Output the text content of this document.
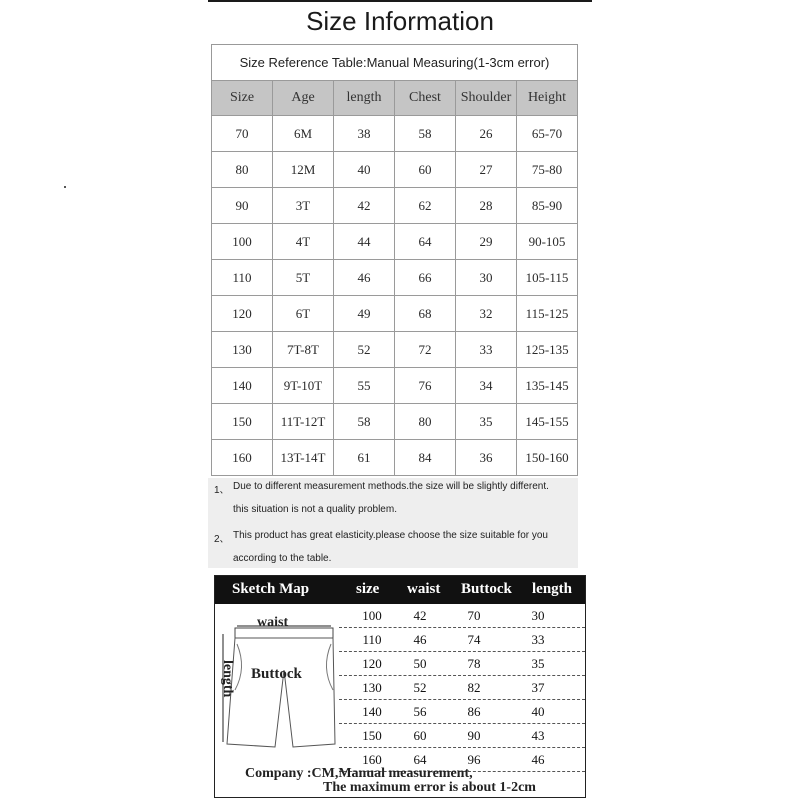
Size Information
Size Reference Table:Manual Measuring(1-3cm error)
Size	Age	length	Chest	Shoulder	Height
70	6M	38	58	26	65-70
80	12M	40	60	27	75-80
90	3T	42	62	28	85-90
100	4T	44	64	29	90-105
110	5T	46	66	30	105-115
120	6T	49	68	32	115-125
130	7T-8T	52	72	33	125-135
140	9T-10T	55	76	34	135-145
150	11T-12T	58	80	35	145-155
160	13T-14T	61	84	36	150-160
1、 Due to different measurement methods.the size will be slightly different.
this situation is not a quality problem.
2、 This product has great elasticity.please choose the size suitable for you
according to the table.
Sketch Map	size waist Buttock length
waist
Buttock
length
100	42	70	30
110	46	74	33
120	50	78	35
130	52	82	37
140	56	86	40
150	60	90	43
160	64	96	46
Company :CM,Manual measurement,
The maximum error is about 1-2cm
